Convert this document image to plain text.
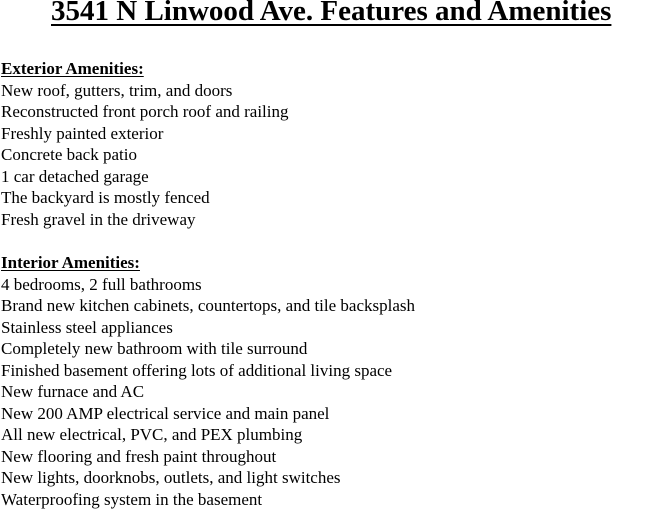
3541 N Linwood Ave. Features and Amenities
Exterior Amenities:
New roof, gutters, trim, and doors
Reconstructed front porch roof and railing
Freshly painted exterior
Concrete back patio
1 car detached garage
The backyard is mostly fenced
Fresh gravel in the driveway
Interior Amenities:
4 bedrooms, 2 full bathrooms
Brand new kitchen cabinets, countertops, and tile backsplash
Stainless steel appliances
Completely new bathroom with tile surround
Finished basement offering lots of additional living space
New furnace and AC
New 200 AMP electrical service and main panel
All new electrical, PVC, and PEX plumbing
New flooring and fresh paint throughout
New lights, doorknobs, outlets, and light switches
Waterproofing system in the basement
